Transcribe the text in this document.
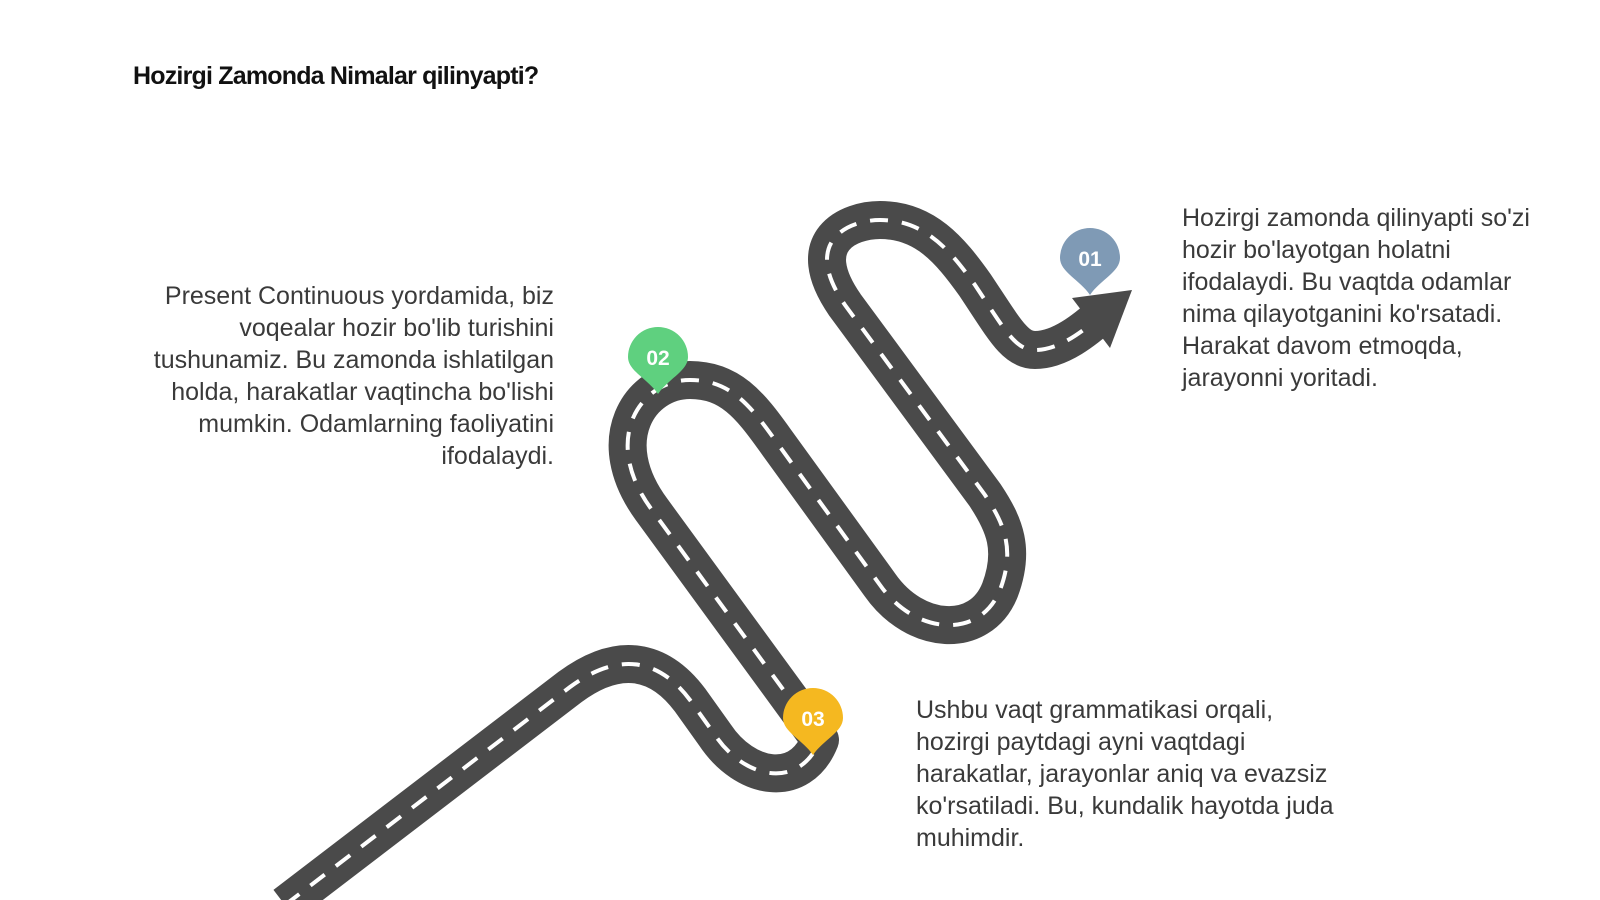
Hozirgi Zamonda Nimalar qilinyapti?
01
02
03

Hozirgi zamonda qilinyapti so'zi

hozir bo'layotgan holatni

ifodalaydi. Bu vaqtda odamlar

nima qilayotganini ko'rsatadi.

Harakat davom etmoqda,

jarayonni yoritadi.

Present Continuous yordamida, biz

voqealar hozir bo'lib turishini

tushunamiz. Bu zamonda ishlatilgan

holda, harakatlar vaqtincha bo'lishi

mumkin. Odamlarning faoliyatini

ifodalaydi.

Ushbu vaqt grammatikasi orqali,

hozirgi paytdagi ayni vaqtdagi

harakatlar, jarayonlar aniq va evazsiz

ko'rsatiladi. Bu, kundalik hayotda juda

muhimdir.
